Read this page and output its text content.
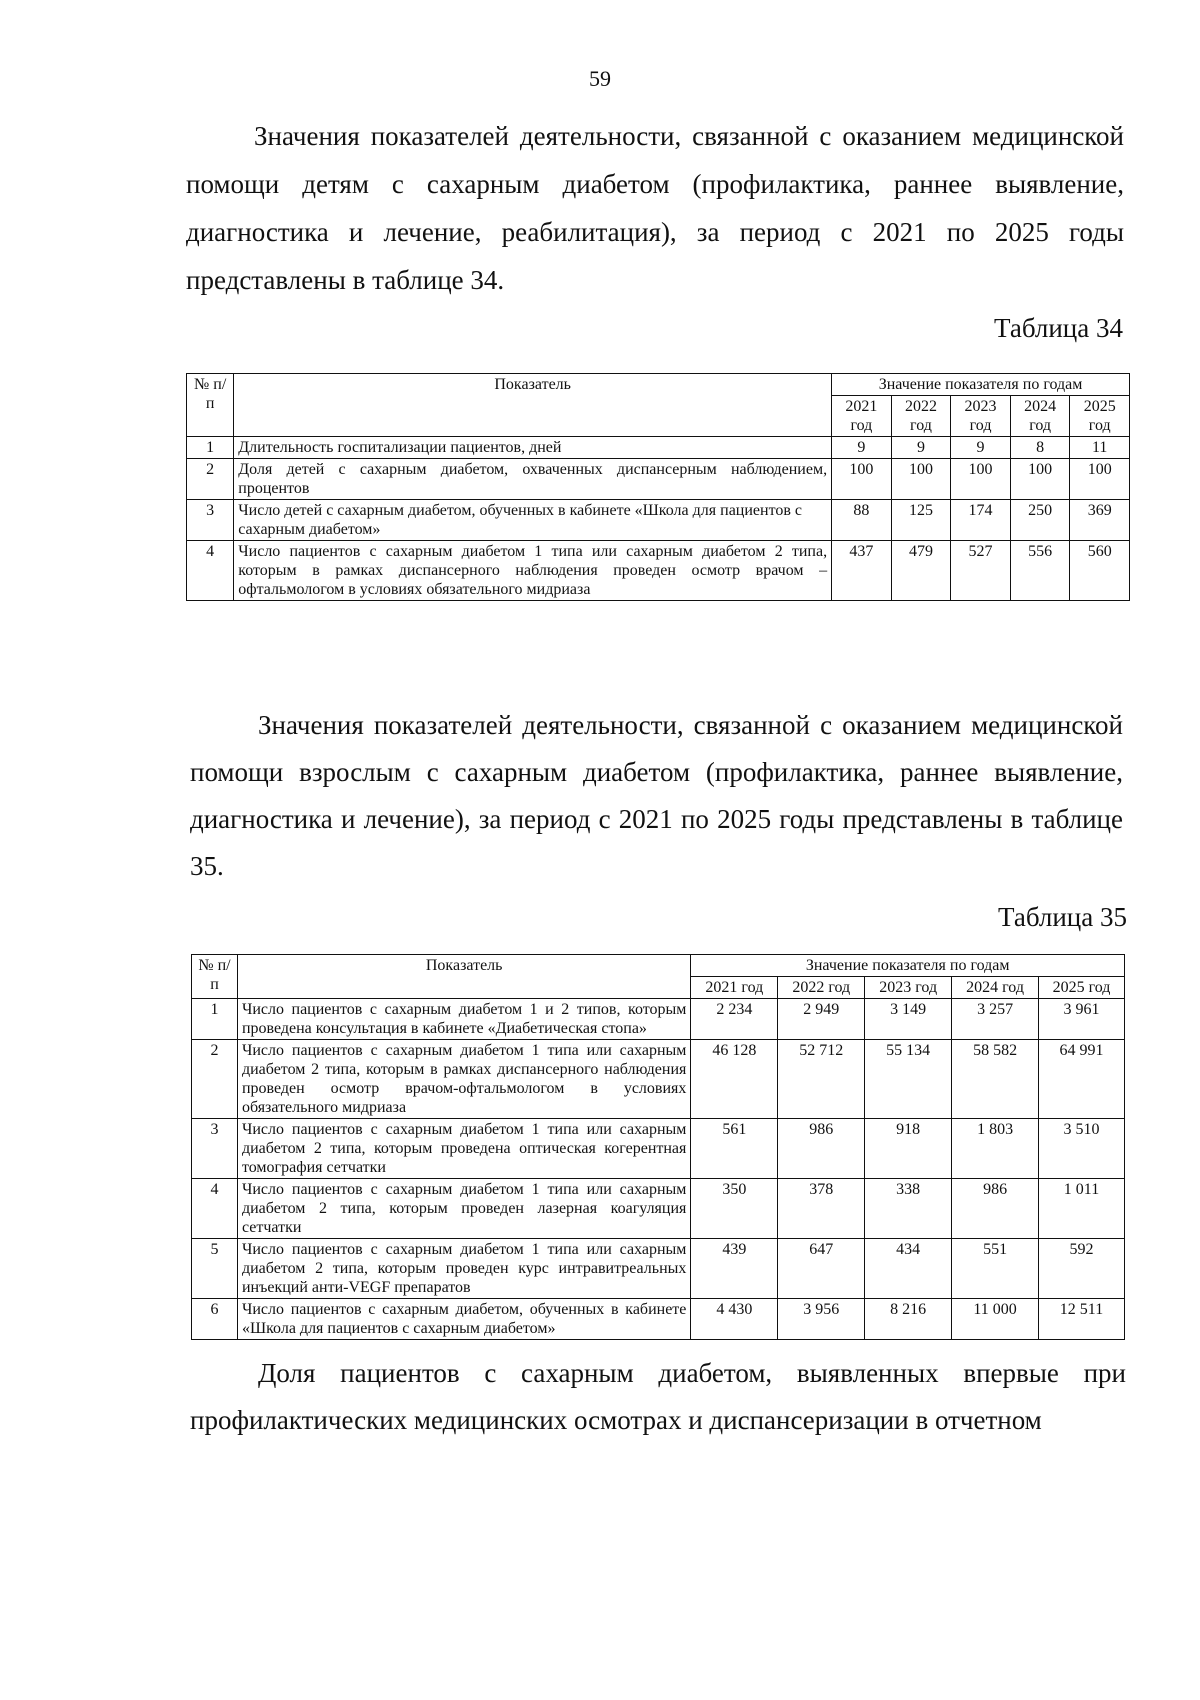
59

Значения показателей деятельности, связанной с оказанием медицинской помощи детям с сахарным диабетом (профилактика, раннее выявление, диагностика и лечение, реабилитация), за период с 2021 по 2025 годы представлены в таблице 34.

Таблица 34
№ п/п	Показатель	Значение показателя по годам				
		2021 год	2022 год	2023 год	2024 год	2025 год
1	Длительность госпитализации пациентов, дней	9	9	9	8	11
2	Доля детей с сахарным диабетом, охваченных диспансерным наблюдением, процентов	100	100	100	100	100
3	Число детей с сахарным диабетом, обученных в кабинете «Школа для пациентов с сахарным диабетом»	88	125	174	250	369
4	Число пациентов с сахарным диабетом 1 типа или сахарным диабетом 2 типа, которым в рамках диспансерного наблюдения проведен осмотр врачом – офтальмологом в условиях обязательного мидриаза	437	479	527	556	560

Значения показателей деятельности, связанной с оказанием медицинской помощи взрослым с сахарным диабетом (профилактика, раннее выявление, диагностика и лечение), за период с 2021 по 2025 годы представлены в таблице 35.

Таблица 35
№ п/п	Показатель	Значение показателя по годам				
		2021 год	2022 год	2023 год	2024 год	2025 год
1	Число пациентов с сахарным диабетом 1 и 2 типов, которым проведена консультация в кабинете «Диабетическая стопа»	2 234	2 949	3 149	3 257	3 961
2	Число пациентов с сахарным диабетом 1 типа или сахарным диабетом 2 типа, которым в рамках диспансерного наблюдения проведен осмотр врачом-офтальмологом в условиях обязательного мидриаза	46 128	52 712	55 134	58 582	64 991
3	Число пациентов с сахарным диабетом 1 типа или сахарным диабетом 2 типа, которым проведена оптическая когерентная томография сетчатки	561	986	918	1 803	3 510
4	Число пациентов с сахарным диабетом 1 типа или сахарным диабетом 2 типа, которым проведен лазерная коагуляция сетчатки	350	378	338	986	1 011
5	Число пациентов с сахарным диабетом 1 типа или сахарным диабетом 2 типа, которым проведен курс интравитреальных инъекций анти-VEGF препаратов	439	647	434	551	592
6	Число пациентов с сахарным диабетом, обученных в кабинете «Школа для пациентов с сахарным диабетом»	4 430	3 956	8 216	11 000	12 511

Доля пациентов с сахарным диабетом, выявленных впервые при профилактических медицинских осмотрах и диспансеризации в отчетном
